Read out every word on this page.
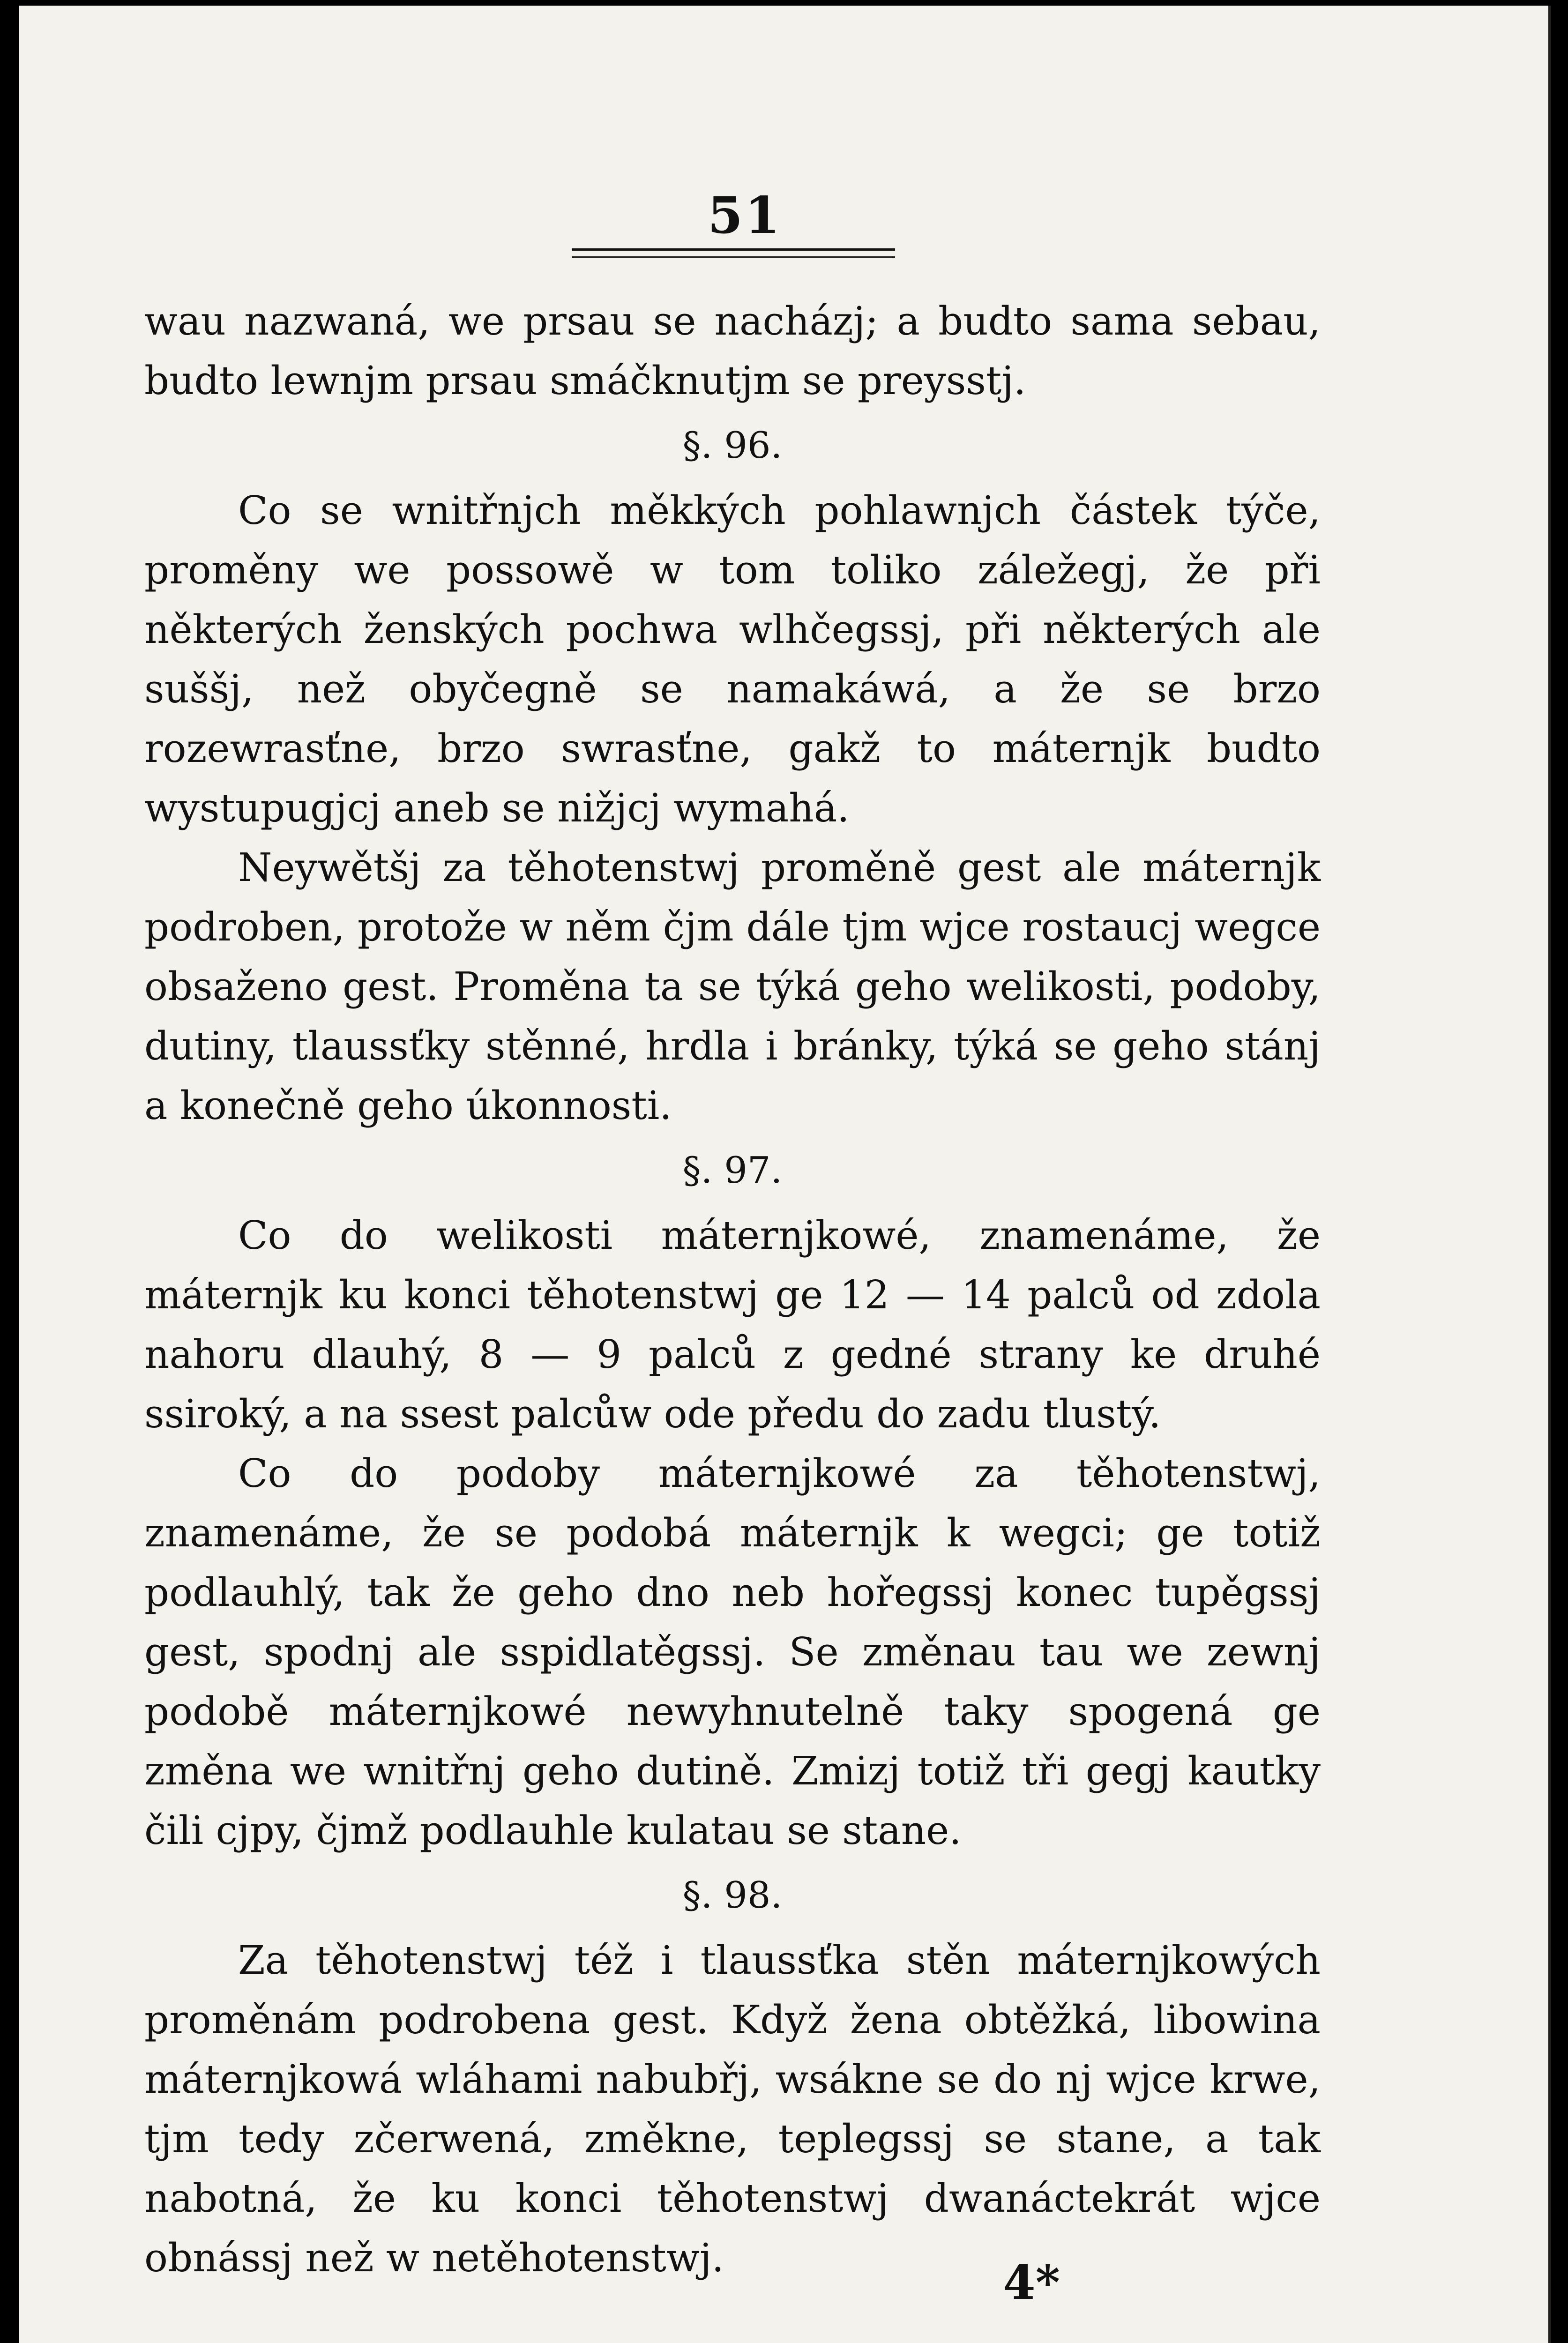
51

wau nazwaná, we prsau se nacházj; a budto sama sebau, budto lewnjm prsau smáčknutjm se preysstj.

§. 96.

Co se wnitřnjch měkkých pohlawnjch částek týče, proměny we possowě w tom toliko záležegj, že při některých ženských pochwa wlhčegssj, při některých ale suššj, než obyčegně se namakáwá, a že se brzo rozewrasťne, brzo swrasťne, gakž to máternjk budto wystupugjcj aneb se nižjcj wymahá.

Neywětšj za těhotenstwj proměně gest ale máternjk podroben, protože w něm čjm dále tjm wjce rostaucj wegce obsaženo gest. Proměna ta se týká geho welikosti, podoby, dutiny, tlaussťky stěnné, hrdla i bránky, týká se geho stánj a konečně geho úkonnosti.

§. 97.

Co do welikosti máternjkowé, znamenáme, že máternjk ku konci těhotenstwj ge 12 — 14 palců od zdola nahoru dlauhý, 8 — 9 palců z gedné strany ke druhé ssiroký, a na ssest palcůw ode předu do zadu tlustý.

Co do podoby máternjkowé za těhotenstwj, znamenáme, že se podobá máternjk k wegci; ge totiž podlauhlý, tak že geho dno neb hořegssj konec tupěgssj gest, spodnj ale sspidlatěgssj. Se změnau tau we zewnj podobě máternjkowé newyhnutelně taky spogená ge změna we wnitřnj geho dutině. Zmizj totiž tři gegj kautky čili cjpy, čjmž podlauhle kulatau se stane.

§. 98.

Za těhotenstwj též i tlaussťka stěn máternjkowých proměnám podrobena gest. Když žena obtěžká, libowina máternjkowá wláhami nabubřj, wsákne se do nj wjce krwe, tjm tedy zčerwená, změkne, teplegssj se stane, a tak nabotná, že ku konci těhotenstwj dwanáctekrát wjce obnássj než w netěhotenstwj.	4*
